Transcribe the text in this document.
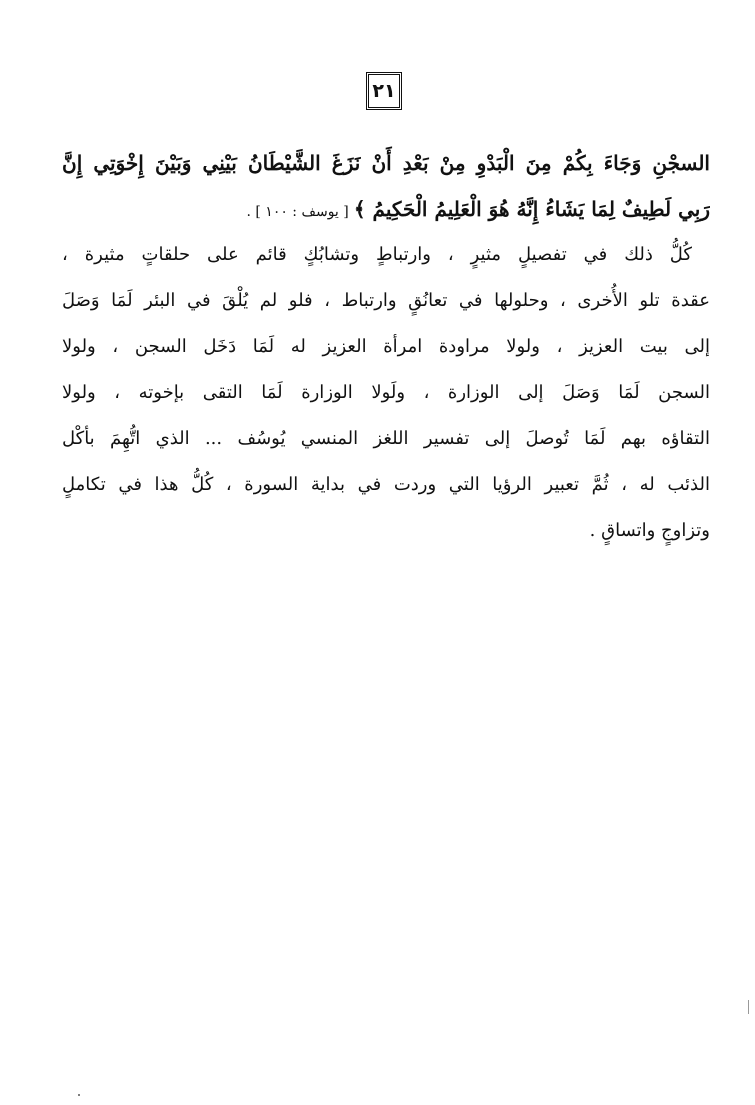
٢١
السجْنِ وَجَاءَ بِكُمْ مِنَ الْبَدْوِ مِنْ بَعْدِ أَنْ نَزَغَ الشَّيْطَانُ بَيْنِي وَبَيْنَ إِخْوَتِي إِنَّ
رَبِي لَطِيفٌ لِمَا يَشَاءُ إِنَّهُ هُوَ الْعَلِيمُ الْحَكِيمُ ﴾ [ يوسف : ١٠٠ ] .
كُلُّ ذلك في تفصيلٍ مثيرٍ ، وارتباطٍ وتشابُكٍ قائم على حلقاتٍ مثيرة ،
عقدة تلو الأُخرى ، وحلولها في تعانُقٍ وارتباط ، فلو لم يُلْقَ في البئر لَمَا وَصَلَ
إلى بيت العزيز ، ولولا مراودة امرأة العزيز له لَمَا دَخَل السجن ، ولولا
السجن لَمَا وَصَلَ إلى الوزارة ، ولَولا الوزارة لَمَا التقى بإخوته ، ولولا
التقاؤه بهم لَمَا تُوصلَ إلى تفسير اللغز المنسي يُوسُف ... الذي اتُّهِمَ بأكْل
الذئب له ، ثُمَّ تعبير الرؤيا التي وردت في بداية السورة ، كُلُّ هذا في تكاملٍ
وتزاوجٍ واتساقٍ .
